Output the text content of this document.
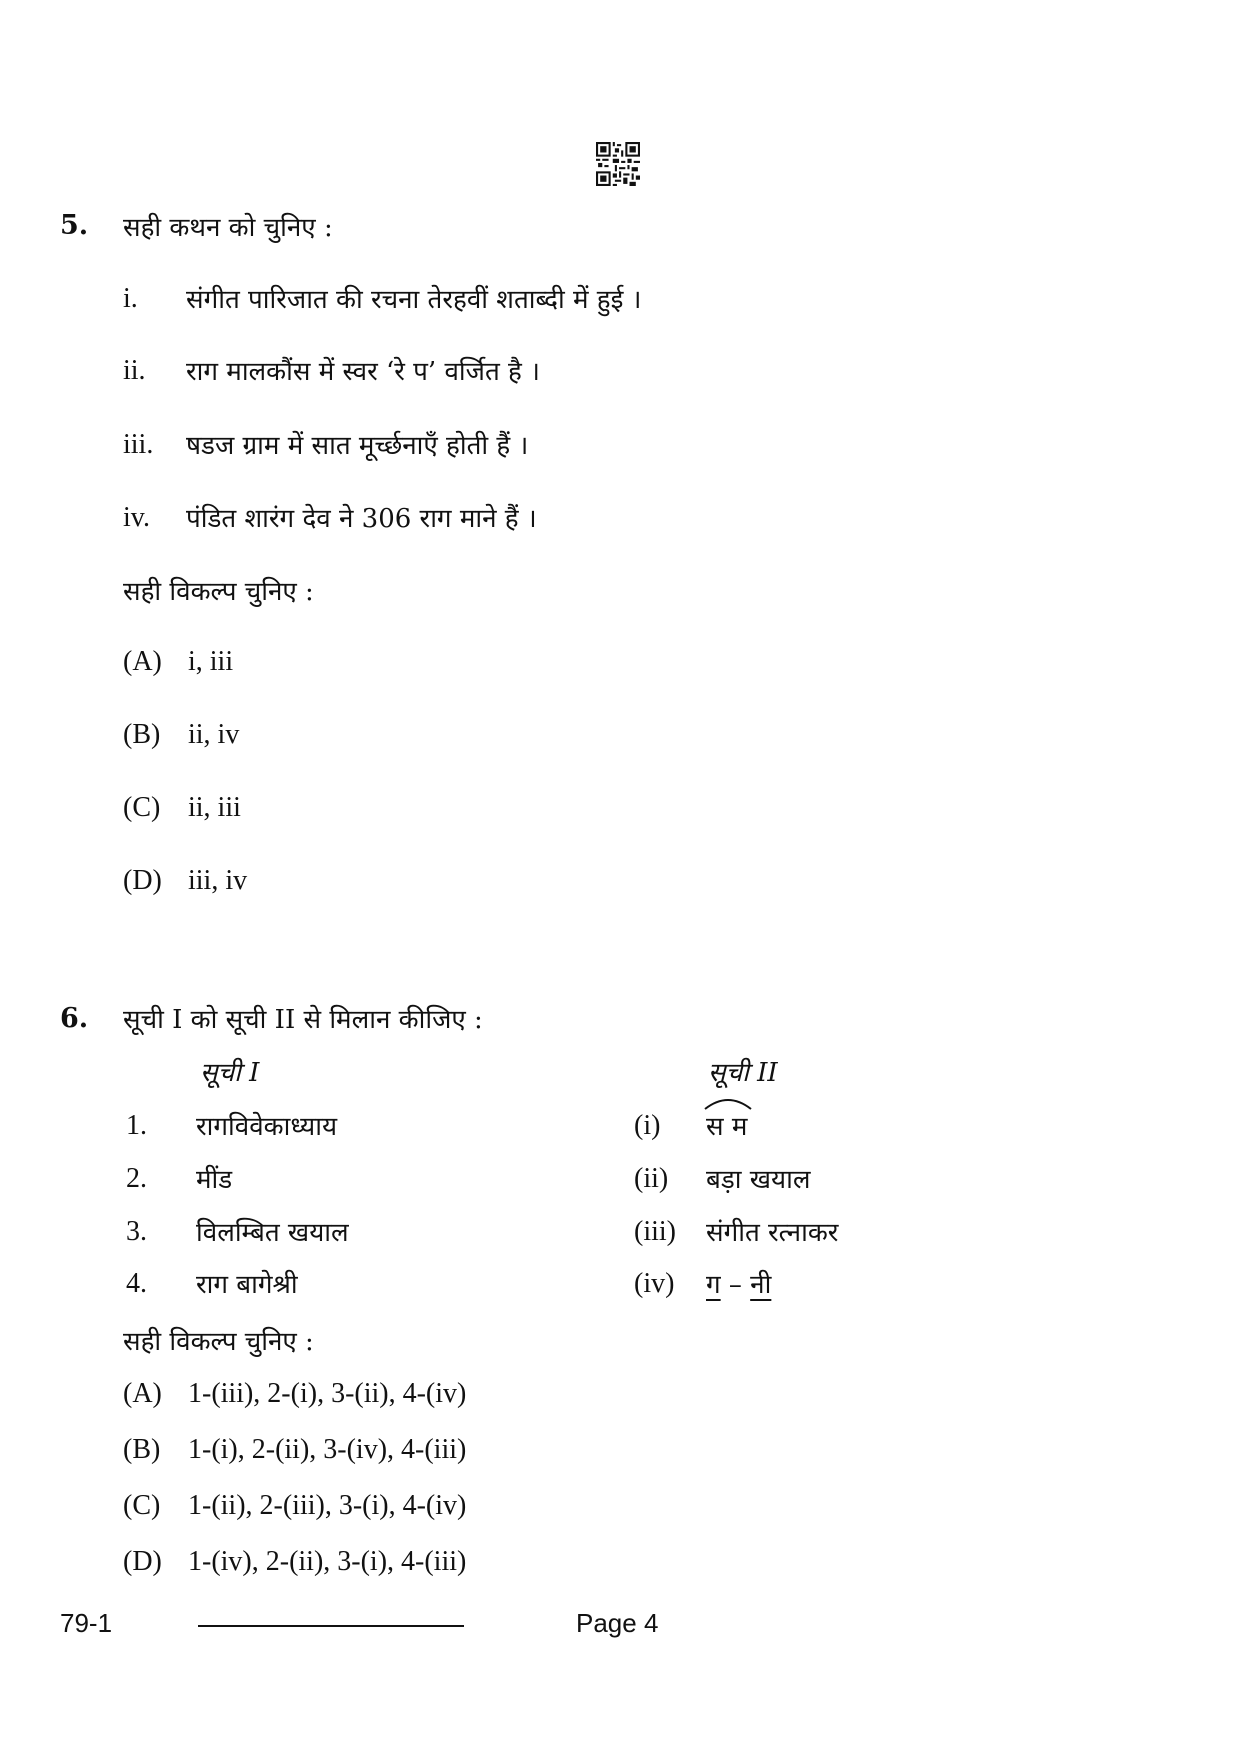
5. सही कथन को चुनिए :
i. संगीत पारिजात की रचना तेरहवीं शताब्दी में हुई ।
ii. राग मालकौंस में स्वर ‘रे प’ वर्जित है ।
iii. षडज ग्राम में सात मूर्च्छनाएँ होती हैं ।
iv. पंडित शारंग देव ने 306 राग माने हैं ।
सही विकल्प चुनिए :
(A) i, iii
(B) ii, iv
(C) ii, iii
(D) iii, iv
6. सूची I को सूची II से मिलान कीजिए :
सूची I	सूची II
1. रागविवेकाध्याय	(i) स म
2. मींड	(ii) बड़ा खयाल
3. विलम्बित खयाल	(iii) संगीत रत्नाकर
4. राग बागेश्री	(iv) ग – नी
सही विकल्प चुनिए :
(A) 1-(iii), 2-(i), 3-(ii), 4-(iv)
(B) 1-(i), 2-(ii), 3-(iv), 4-(iii)
(C) 1-(ii), 2-(iii), 3-(i), 4-(iv)
(D) 1-(iv), 2-(ii), 3-(i), 4-(iii)
79-1	Page 4
